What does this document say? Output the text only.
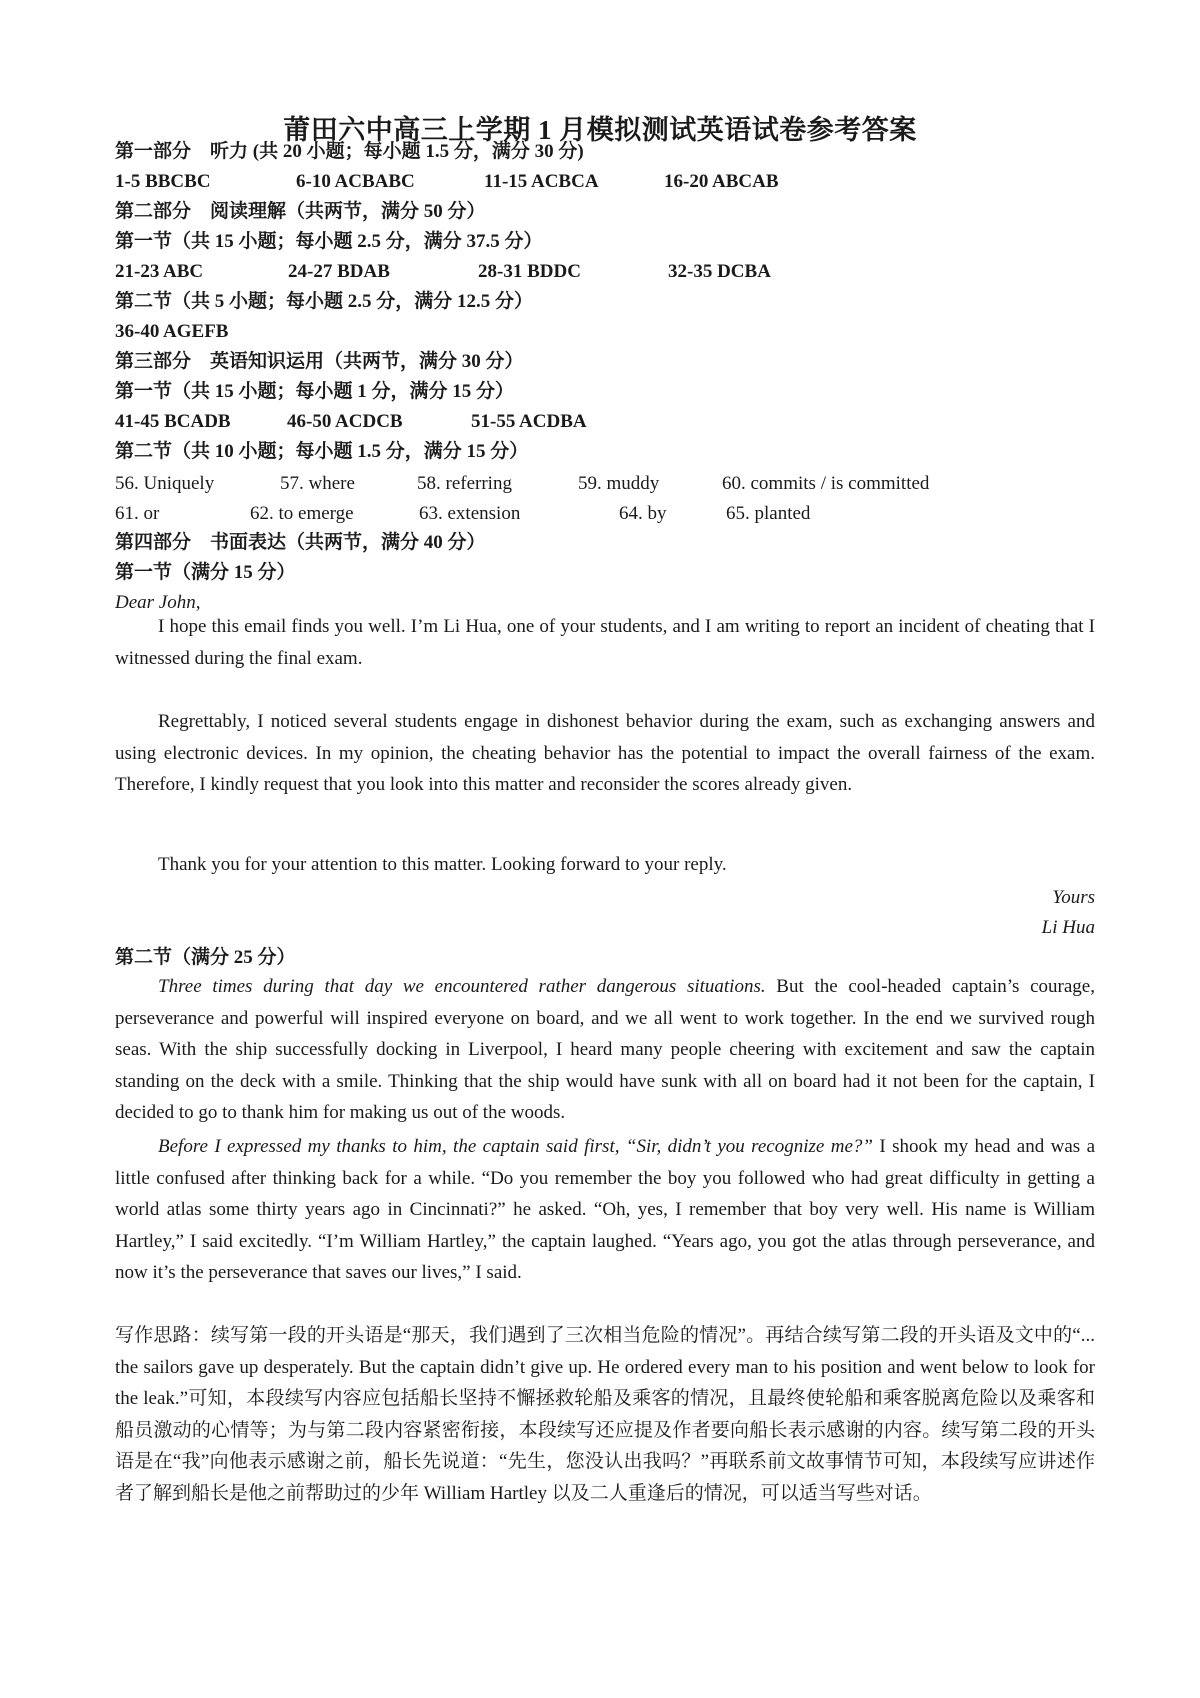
莆田六中高三上学期 1 月模拟测试英语试卷参考答案
第一部分　听力 (共 20 小题；每小题 1.5 分，满分 30 分)
1-5 BBCBC	6-10 ACBABC	11-15 ACBCA	16-20 ABCAB
第二部分　阅读理解（共两节，满分 50 分）
第一节（共 15 小题；每小题 2.5 分，满分 37.5 分）
21-23 ABC	24-27 BDAB	28-31 BDDC	32-35 DCBA
第二节（共 5 小题；每小题 2.5 分，满分 12.5 分）
36-40 AGEFB
第三部分　英语知识运用（共两节，满分 30 分）
第一节（共 15 小题；每小题 1 分，满分 15 分）
41-45 BCADB	46-50 ACDCB	51-55 ACDBA
第二节（共 10 小题；每小题 1.5 分，满分 15 分）
56. Uniquely	57. where	58. referring	59. muddy	60. commits / is committed
61. or	62. to emerge	63. extension	64. by	65. planted
第四部分　书面表达（共两节，满分 40 分）
第一节（满分 15 分）
Dear John,
I hope this email finds you well. I’m Li Hua, one of your students, and I am writing to report an incident of cheating that I witnessed during the final exam.
Regrettably, I noticed several students engage in dishonest behavior during the exam, such as exchanging answers and using electronic devices. In my opinion, the cheating behavior has the potential to impact the overall fairness of the exam. Therefore, I kindly request that you look into this matter and reconsider the scores already given.
Thank you for your attention to this matter. Looking forward to your reply.
Yours
Li Hua
第二节（满分 25 分）
Three times during that day we encountered rather dangerous situations. But the cool-headed captain’s courage, perseverance and powerful will inspired everyone on board, and we all went to work together. In the end we survived rough seas. With the ship successfully docking in Liverpool, I heard many people cheering with excitement and saw the captain standing on the deck with a smile. Thinking that the ship would have sunk with all on board had it not been for the captain, I decided to go to thank him for making us out of the woods.
Before I expressed my thanks to him, the captain said first, “Sir, didn’t you recognize me?” I shook my head and was a little confused after thinking back for a while. “Do you remember the boy you followed who had great difficulty in getting a world atlas some thirty years ago in Cincinnati?” he asked. “Oh, yes, I remember that boy very well. His name is William Hartley,” I said excitedly. “I’m William Hartley,” the captain laughed. “Years ago, you got the atlas through perseverance, and now it’s the perseverance that saves our lives,” I said.
写作思路：续写第一段的开头语是“那天，我们遇到了三次相当危险的情况”。再结合续写第二段的开头语及文中的“... the sailors gave up desperately. But the captain didn’t give up. He ordered every man to his position and went below to look for the leak.”可知，本段续写内容应包括船长坚持不懈拯救轮船及乘客的情况，且最终使轮船和乘客脱离危险以及乘客和船员激动的心情等；为与第二段内容紧密衔接，本段续写还应提及作者要向船长表示感谢的内容。续写第二段的开头语是在“我”向他表示感谢之前，船长先说道：“先生，您没认出我吗？”再联系前文故事情节可知，本段续写应讲述作者了解到船长是他之前帮助过的少年 William Hartley 以及二人重逢后的情况，可以适当写些对话。
